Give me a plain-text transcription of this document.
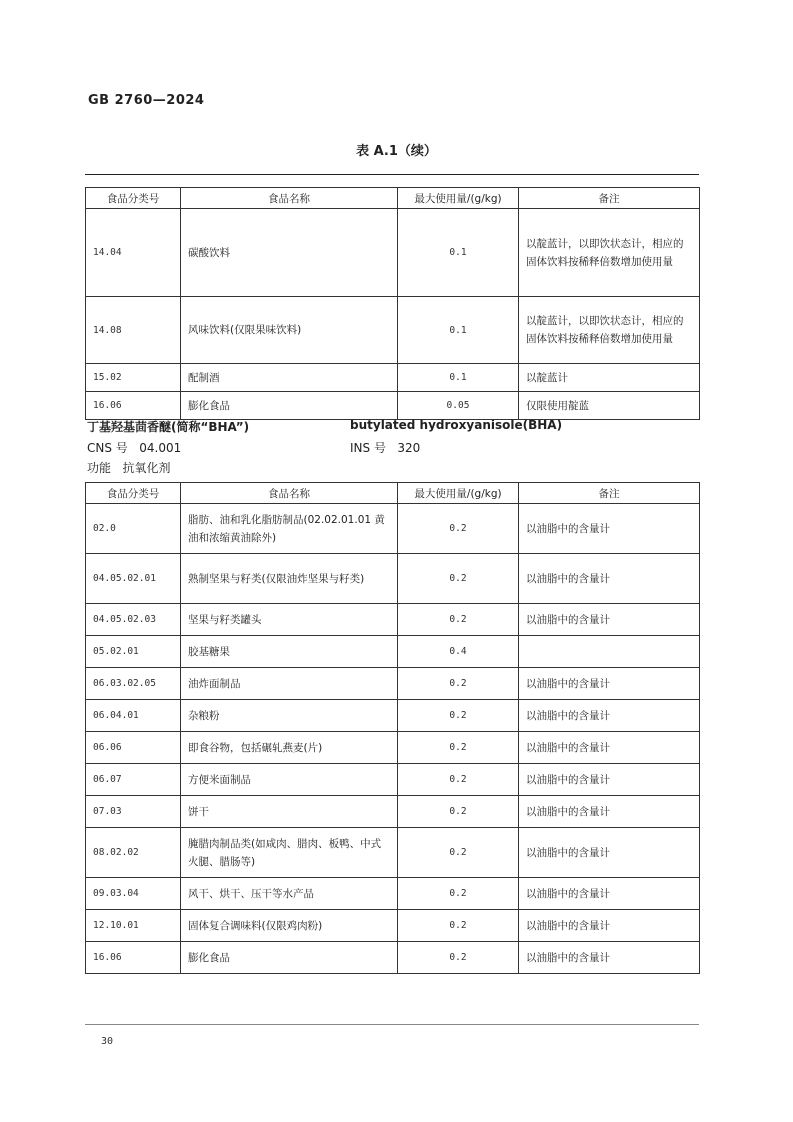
GB 2760—2024
表 A.1（续）
食品分类号	食品名称	最大使用量/(g/kg)	备注
14.04	碳酸饮料	0.1	以靛蓝计，以即饮状态计，相应的固体饮料按稀释倍数增加使用量
14.08	风味饮料(仅限果味饮料)	0.1	以靛蓝计，以即饮状态计，相应的固体饮料按稀释倍数增加使用量
15.02	配制酒	0.1	以靛蓝计
16.06	膨化食品	0.05	仅限使用靛蓝
丁基羟基茴香醚(简称“BHA”)	butylated hydroxyanisole(BHA)
CNS 号 04.001	INS 号 320
功能 抗氧化剂
食品分类号	食品名称	最大使用量/(g/kg)	备注
02.0	脂肪、油和乳化脂肪制品(02.02.01.01 黄油和浓缩黄油除外)	0.2	以油脂中的含量计
04.05.02.01	熟制坚果与籽类(仅限油炸坚果与籽类)	0.2	以油脂中的含量计
04.05.02.03	坚果与籽类罐头	0.2	以油脂中的含量计
05.02.01	胶基糖果	0.4	
06.03.02.05	油炸面制品	0.2	以油脂中的含量计
06.04.01	杂粮粉	0.2	以油脂中的含量计
06.06	即食谷物，包括碾轧燕麦(片)	0.2	以油脂中的含量计
06.07	方便米面制品	0.2	以油脂中的含量计
07.03	饼干	0.2	以油脂中的含量计
08.02.02	腌腊肉制品类(如咸肉、腊肉、板鸭、中式火腿、腊肠等)	0.2	以油脂中的含量计
09.03.04	风干、烘干、压干等水产品	0.2	以油脂中的含量计
12.10.01	固体复合调味料(仅限鸡肉粉)	0.2	以油脂中的含量计
16.06	膨化食品	0.2	以油脂中的含量计
30
